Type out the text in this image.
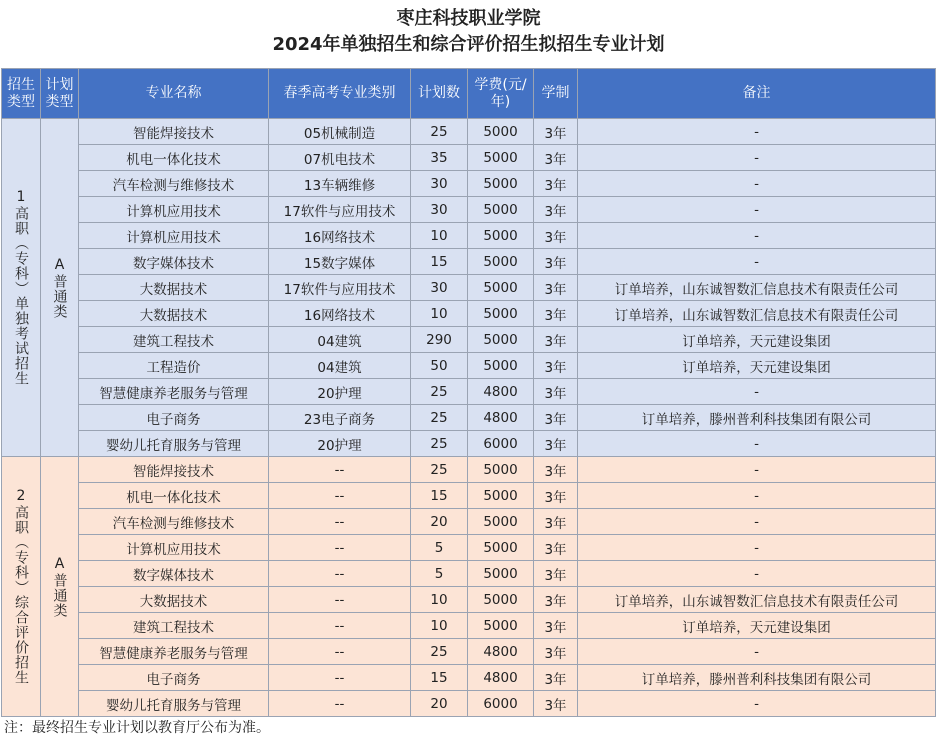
枣庄科技职业学院
2024年单独招生和综合评价招生拟招生专业计划
招生类型	计划类型	专业名称	春季高考专业类别	计划数	学费(元/年)	学制	备注
1高职（专科）单独考试招生	A普通类	智能焊接技术	05机械制造	25	5000	3年	-
		机电一体化技术	07机电技术	35	5000	3年	-
		汽车检测与维修技术	13车辆维修	30	5000	3年	-
		计算机应用技术	17软件与应用技术	30	5000	3年	-
		计算机应用技术	16网络技术	10	5000	3年	-
		数字媒体技术	15数字媒体	15	5000	3年	-
		大数据技术	17软件与应用技术	30	5000	3年	订单培养，山东诚智数汇信息技术有限责任公司
		大数据技术	16网络技术	10	5000	3年	订单培养，山东诚智数汇信息技术有限责任公司
		建筑工程技术	04建筑	290	5000	3年	订单培养，天元建设集团
		工程造价	04建筑	50	5000	3年	订单培养，天元建设集团
		智慧健康养老服务与管理	20护理	25	4800	3年	-
		电子商务	23电子商务	25	4800	3年	订单培养，滕州普利科技集团有限公司
		婴幼儿托育服务与管理	20护理	25	6000	3年	-
2高职（专科）综合评价招生	A普通类	智能焊接技术	--	25	5000	3年	-
		机电一体化技术	--	15	5000	3年	-
		汽车检测与维修技术	--	20	5000	3年	-
		计算机应用技术	--	5	5000	3年	-
		数字媒体技术	--	5	5000	3年	-
		大数据技术	--	10	5000	3年	订单培养，山东诚智数汇信息技术有限责任公司
		建筑工程技术	--	10	5000	3年	订单培养，天元建设集团
		智慧健康养老服务与管理	--	25	4800	3年	-
		电子商务	--	15	4800	3年	订单培养，滕州普利科技集团有限公司
		婴幼儿托育服务与管理	--	20	6000	3年	-
注：最终招生专业计划以教育厅公布为准。
